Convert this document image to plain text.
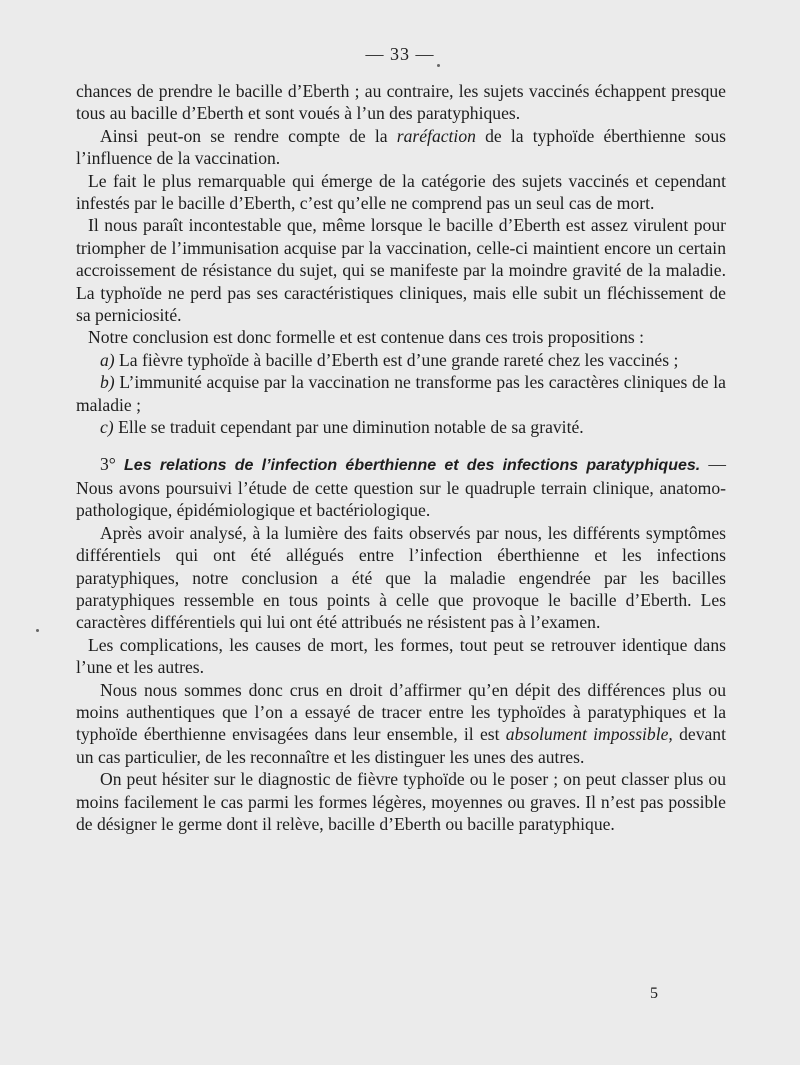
— 33 —

chances de prendre le bacille d’Eberth ; au contraire, les sujets vaccinés échappent presque tous au bacille d’Eberth et sont voués à l’un des paratyphiques.

Ainsi peut-on se rendre compte de la raréfaction de la typhoïde éberthienne sous l’influence de la vaccination.

Le fait le plus remarquable qui émerge de la catégorie des sujets vaccinés et cependant infestés par le bacille d’Eberth, c’est qu’elle ne comprend pas un seul cas de mort.

Il nous paraît incontestable que, même lorsque le bacille d’Eberth est assez virulent pour triompher de l’immunisation acquise par la vaccination, celle-ci maintient encore un certain accroissement de résistance du sujet, qui se manifeste par la moindre gravité de la maladie. La typhoïde ne perd pas ses caractéristiques cliniques, mais elle subit un fléchissement de sa perniciosité.

Notre conclusion est donc formelle et est contenue dans ces trois propositions :

a) La fièvre typhoïde à bacille d’Eberth est d’une grande rareté chez les vaccinés ;

b) L’immunité acquise par la vaccination ne transforme pas les caractères cliniques de la maladie ;

c) Elle se traduit cependant par une diminution notable de sa gravité.

3° Les relations de l’infection éberthienne et des infections paratyphiques. — Nous avons poursuivi l’étude de cette question sur le quadruple terrain clinique, anatomo-pathologique, épidémiologique et bactériologique.

Après avoir analysé, à la lumière des faits observés par nous, les différents symptômes différentiels qui ont été allégués entre l’infection éberthienne et les infections paratyphiques, notre conclusion a été que la maladie engendrée par les bacilles paratyphiques ressemble en tous points à celle que provoque le bacille d’Eberth. Les caractères différentiels qui lui ont été attribués ne résistent pas à l’examen.

Les complications, les causes de mort, les formes, tout peut se retrouver identique dans l’une et les autres.

Nous nous sommes donc crus en droit d’affirmer qu’en dépit des différences plus ou moins authentiques que l’on a essayé de tracer entre les typhoïdes à paratyphiques et la typhoïde éberthienne envisagées dans leur ensemble, il est absolument impossible, devant un cas particulier, de les reconnaître et les distinguer les unes des autres.

On peut hésiter sur le diagnostic de fièvre typhoïde ou le poser ; on peut classer plus ou moins facilement le cas parmi les formes légères, moyennes ou graves. Il n’est pas possible de désigner le germe dont il relève, bacille d’Eberth ou bacille paratyphique.

5
